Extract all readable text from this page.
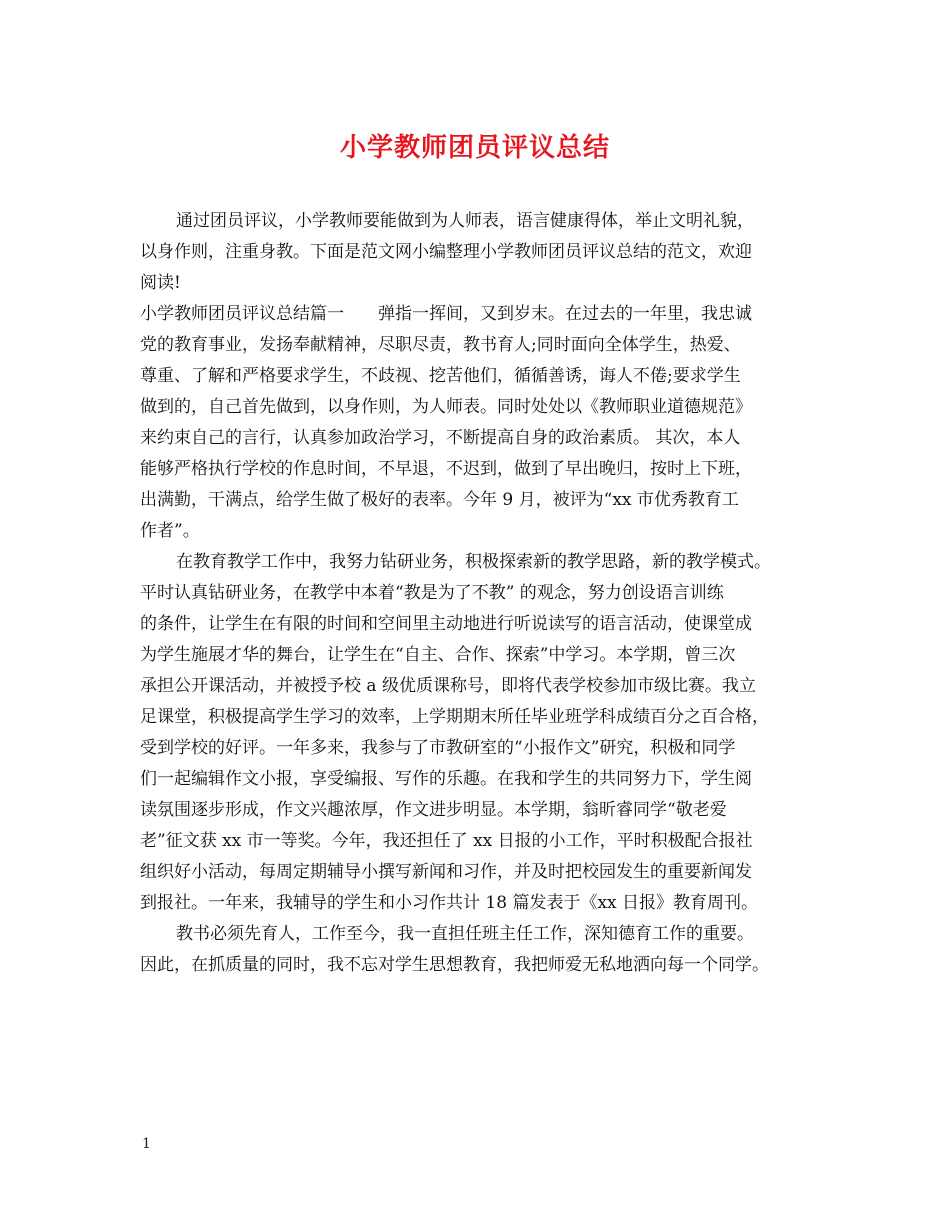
小学教师团员评议总结
通过团员评议，小学教师要能做到为人师表，语言健康得体，举止文明礼貌，
以身作则，注重身教。下面是范文网小编整理小学教师团员评议总结的范文，欢迎
阅读!
小学教师团员评议总结篇一　　弹指一挥间，又到岁末。在过去的一年里，我忠诚
党的教育事业，发扬奉献精神，尽职尽责，教书育人;同时面向全体学生，热爱、
尊重、了解和严格要求学生，不歧视、挖苦他们，循循善诱，诲人不倦;要求学生
做到的，自己首先做到，以身作则，为人师表。同时处处以《教师职业道德规范》
来约束自己的言行，认真参加政治学习，不断提高自身的政治素质。 其次，本人
能够严格执行学校的作息时间，不早退，不迟到，做到了早出晚归，按时上下班，
出满勤，干满点，给学生做了极好的表率。今年 9 月，被评为“xx 市优秀教育工
作者”。
在教育教学工作中，我努力钻研业务，积极探索新的教学思路，新的教学模式。
平时认真钻研业务，在教学中本着“教是为了不教” 的观念，努力创设语言训练
的条件，让学生在有限的时间和空间里主动地进行听说读写的语言活动，使课堂成
为学生施展才华的舞台，让学生在“自主、合作、探索”中学习。本学期，曾三次
承担公开课活动，并被授予校 a 级优质课称号，即将代表学校参加市级比赛。我立
足课堂，积极提高学生学习的效率，上学期期末所任毕业班学科成绩百分之百合格，
受到学校的好评。一年多来，我参与了市教研室的“小报作文”研究，积极和同学
们一起编辑作文小报，享受编报、写作的乐趣。在我和学生的共同努力下，学生阅
读氛围逐步形成，作文兴趣浓厚，作文进步明显。本学期，翁昕睿同学“敬老爱
老”征文获 xx 市一等奖。今年，我还担任了 xx 日报的小工作，平时积极配合报社
组织好小活动，每周定期辅导小撰写新闻和习作，并及时把校园发生的重要新闻发
到报社。一年来，我辅导的学生和小习作共计 18 篇发表于《xx 日报》教育周刊。
教书必须先育人，工作至今，我一直担任班主任工作，深知德育工作的重要。
因此，在抓质量的同时，我不忘对学生思想教育，我把师爱无私地洒向每一个同学。
1
